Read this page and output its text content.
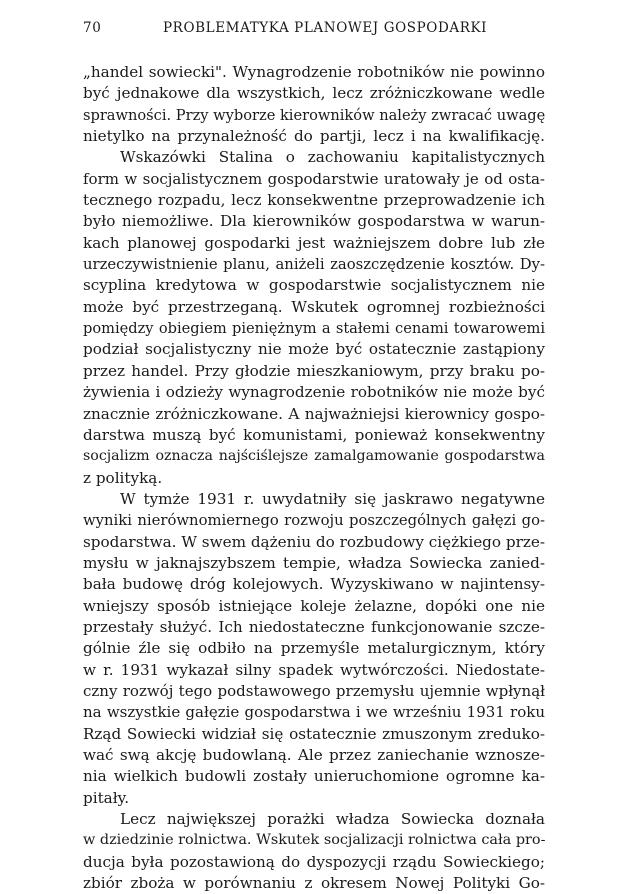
70	PROBLEMATYKA PLANOWEJ GOSPODARKI
„handel sowiecki". Wynagrodzenie robotników nie powinno
być jednakowe dla wszystkich, lecz zróżniczkowane wedle
sprawności. Przy wyborze kierowników należy zwracać uwagę
nietylko na przynależność do partji, lecz i na kwalifikację.
Wskazówki Stalina o zachowaniu kapitalistycznych
form w socjalistycznem gospodarstwie uratowały je od osta-
tecznego rozpadu, lecz konsekwentne przeprowadzenie ich
było niemożliwe. Dla kierowników gospodarstwa w warun-
kach planowej gospodarki jest ważniejszem dobre lub złe
urzeczywistnienie planu, aniżeli zaoszczędzenie kosztów. Dy-
scyplina kredytowa w gospodarstwie socjalistycznem nie
może być przestrzeganą. Wskutek ogromnej rozbieżności
pomiędzy obiegiem pieniężnym a stałemi cenami towarowemi
podział socjalistyczny nie może być ostatecznie zastąpiony
przez handel. Przy głodzie mieszkaniowym, przy braku po-
żywienia i odzieży wynagrodzenie robotników nie może być
znacznie zróżniczkowane. A najważniejsi kierownicy gospo-
darstwa muszą być komunistami, ponieważ konsekwentny
socjalizm oznacza najściślejsze zamalgamowanie gospodarstwa
z polityką.
W tymże 1931 r. uwydatniły się jaskrawo negatywne
wyniki nierównomiernego rozwoju poszczególnych gałęzi go-
spodarstwa. W swem dążeniu do rozbudowy ciężkiego prze-
mysłu w jaknajszybszem tempie, władza Sowiecka zanied-
bała budowę dróg kolejowych. Wyzyskiwano w najintensy-
wniejszy sposób istniejące koleje żelazne, dopóki one nie
przestały służyć. Ich niedostateczne funkcjonowanie szcze-
gólnie źle się odbiło na przemyśle metalurgicznym, który
w r. 1931 wykazał silny spadek wytwórczości. Niedostate-
czny rozwój tego podstawowego przemysłu ujemnie wpłynął
na wszystkie gałęzie gospodarstwa i we wrześniu 1931 roku
Rząd Sowiecki widział się ostatecznie zmuszonym zreduko-
wać swą akcję budowlaną. Ale przez zaniechanie wznosze-
nia wielkich budowli zostały unieruchomione ogromne ka-
pitały.
Lecz największej porażki władza Sowiecka doznała
w dziedzinie rolnictwa. Wskutek socjalizacji rolnictwa cała pro-
ducja była pozostawioną do dyspozycji rządu Sowieckiego;
zbiór zboża w porównaniu z okresem Nowej Polityki Go-
